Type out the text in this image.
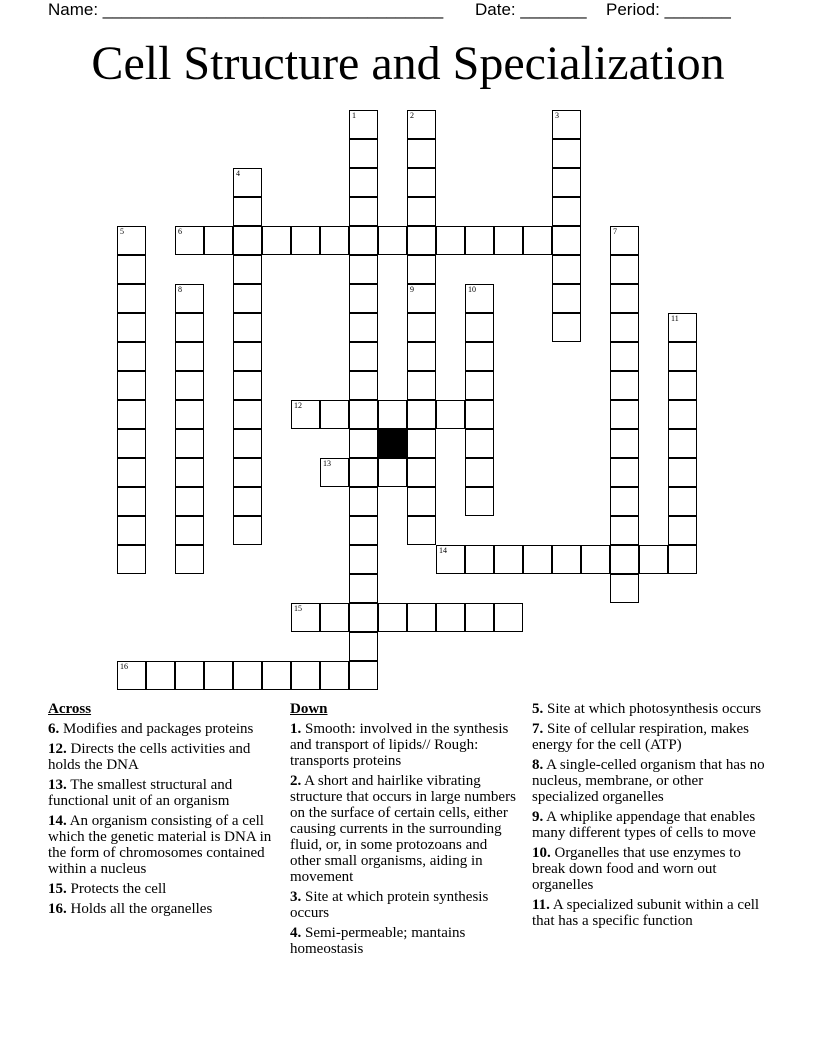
Name: ____________________________________ Date: _______ Period: _______
Cell Structure and Specialization
1	2
9
3
4
5	6	7
8	10
11
12
13
14
15
16
Across
6. Modifies and packages proteins
12. Directs the cells activities and holds the DNA
13. The smallest structural and functional unit of an organism
14. An organism consisting of a cell which the genetic material is DNA in the form of chromosomes contained within a nucleus
15. Protects the cell
16. Holds all the organelles
Down
1. Smooth: involved in the synthesis and transport of lipids// Rough: transports proteins
2. A short and hairlike vibrating structure that occurs in large numbers on the surface of certain cells, either causing currents in the surrounding fluid, or, in some protozoans and other small organisms, aiding in movement
3. Site at which protein synthesis occurs
4. Semi-permeable; mantains homeostasis
5. Site at which photosynthesis occurs
7. Site of cellular respiration, makes energy for the cell (ATP)
8. A single-celled organism that has no nucleus, membrane, or other specialized organelles
9. A whiplike appendage that enables many different types of cells to move
10. Organelles that use enzymes to break down food and worn out organelles
11. A specialized subunit within a cell that has a specific function
